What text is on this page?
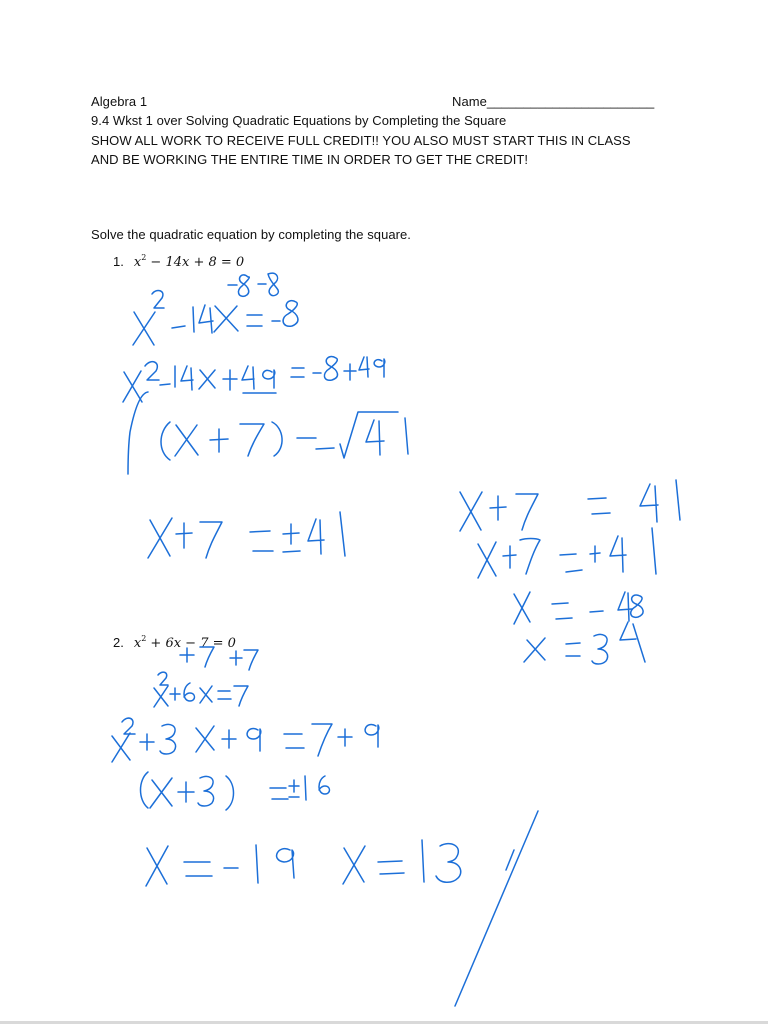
Algebra 1	Name_______________________
9.4 Wkst 1 over Solving Quadratic Equations by Completing the Square
SHOW ALL WORK TO RECEIVE FULL CREDIT!! YOU ALSO MUST START THIS IN CLASS
AND BE WORKING THE ENTIRE TIME IN ORDER TO GET THE CREDIT!
Solve the quadratic equation by completing the square.
1. $x^2 - 14x + 8 = 0$
2. $x^2 + 6x - 7 = 0$
